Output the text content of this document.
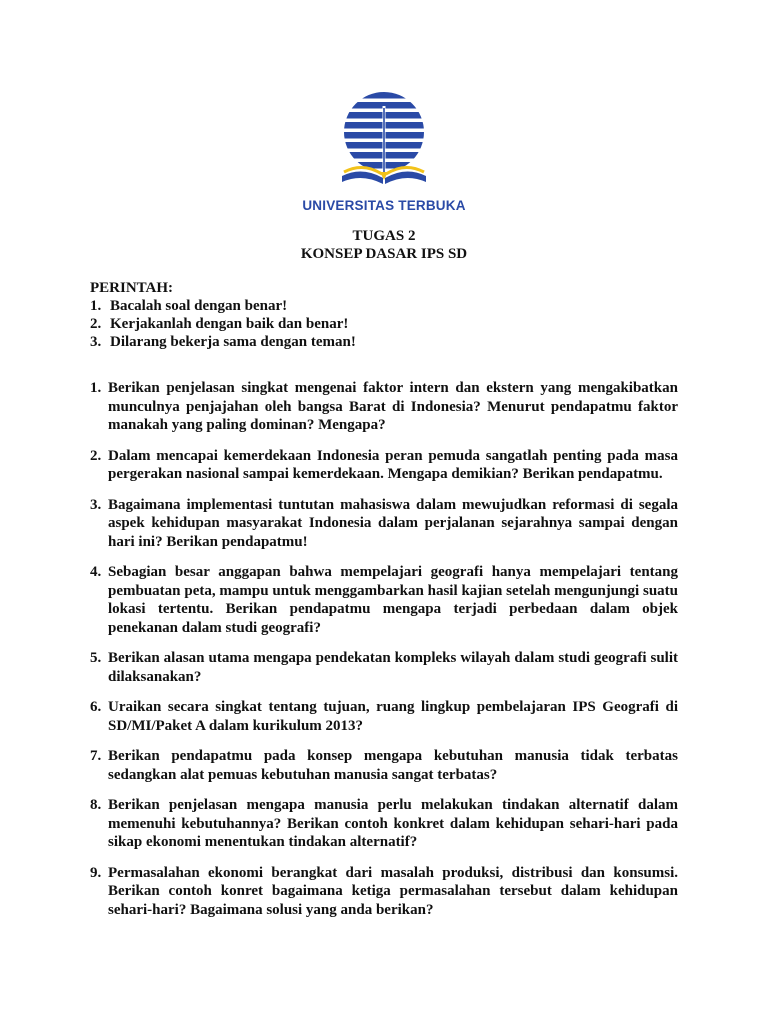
UNIVERSITAS TERBUKA
TUGAS 2
KONSEP DASAR IPS SD
PERINTAH:
1. Bacalah soal dengan benar!
2. Kerjakanlah dengan baik dan benar!
3. Dilarang bekerja sama dengan teman!
1. Berikan penjelasan singkat mengenai faktor intern dan ekstern yang mengakibatkan munculnya penjajahan oleh bangsa Barat di Indonesia? Menurut pendapatmu faktor manakah yang paling dominan? Mengapa?
2. Dalam mencapai kemerdekaan Indonesia peran pemuda sangatlah penting pada masa pergerakan nasional sampai kemerdekaan. Mengapa demikian? Berikan pendapatmu.
3. Bagaimana implementasi tuntutan mahasiswa dalam mewujudkan reformasi di segala aspek kehidupan masyarakat Indonesia dalam perjalanan sejarahnya sampai dengan hari ini? Berikan pendapatmu!
4. Sebagian besar anggapan bahwa mempelajari geografi hanya mempelajari tentang pembuatan peta, mampu untuk menggambarkan hasil kajian setelah mengunjungi suatu lokasi tertentu. Berikan pendapatmu mengapa terjadi perbedaan dalam objek penekanan dalam studi geografi?
5. Berikan alasan utama mengapa pendekatan kompleks wilayah dalam studi geografi sulit dilaksanakan?
6. Uraikan secara singkat tentang tujuan, ruang lingkup pembelajaran IPS Geografi di SD/MI/Paket A dalam kurikulum 2013?
7. Berikan pendapatmu pada konsep mengapa kebutuhan manusia tidak terbatas sedangkan alat pemuas kebutuhan manusia sangat terbatas?
8. Berikan penjelasan mengapa manusia perlu melakukan tindakan alternatif dalam memenuhi kebutuhannya? Berikan contoh konkret dalam kehidupan sehari-hari pada sikap ekonomi menentukan tindakan alternatif?
9. Permasalahan ekonomi berangkat dari masalah produksi, distribusi dan konsumsi. Berikan contoh konret bagaimana ketiga permasalahan tersebut dalam kehidupan sehari-hari? Bagaimana solusi yang anda berikan?
